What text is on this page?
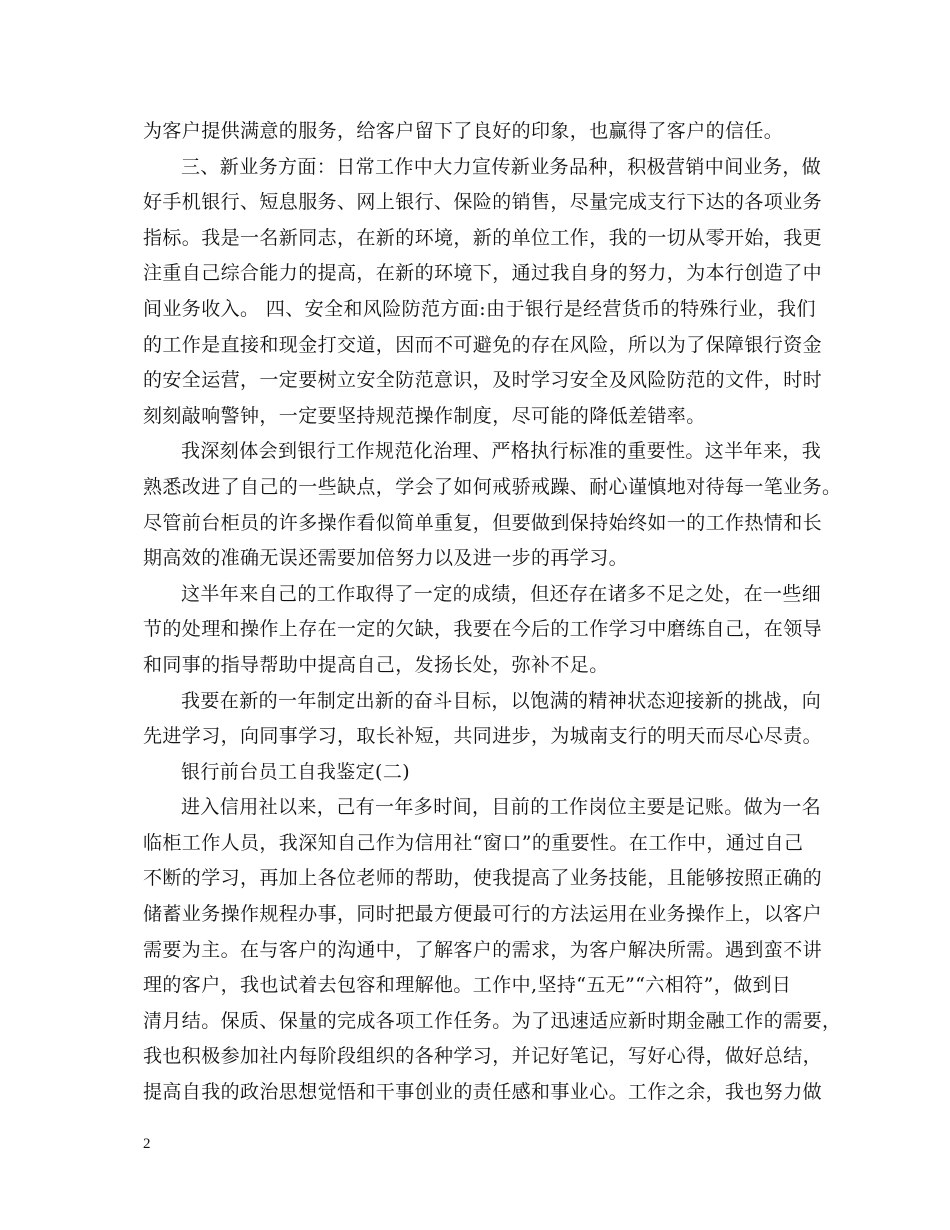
为客户提供满意的服务，给客户留下了良好的印象，也赢得了客户的信任。
三、新业务方面：日常工作中大力宣传新业务品种，积极营销中间业务，做
好手机银行、短息服务、网上银行、保险的销售，尽量完成支行下达的各项业务
指标。我是一名新同志，在新的环境，新的单位工作，我的一切从零开始，我更
注重自己综合能力的提高，在新的环境下，通过我自身的努力，为本行创造了中
间业务收入。 四、安全和风险防范方面:由于银行是经营货币的特殊行业，我们
的工作是直接和现金打交道，因而不可避免的存在风险，所以为了保障银行资金
的安全运营，一定要树立安全防范意识，及时学习安全及风险防范的文件，时时
刻刻敲响警钟，一定要坚持规范操作制度，尽可能的降低差错率。
我深刻体会到银行工作规范化治理、严格执行标准的重要性。这半年来，我
熟悉改进了自己的一些缺点，学会了如何戒骄戒躁、耐心谨慎地对待每一笔业务。
尽管前台柜员的许多操作看似简单重复，但要做到保持始终如一的工作热情和长
期高效的准确无误还需要加倍努力以及进一步的再学习。
这半年来自己的工作取得了一定的成绩，但还存在诸多不足之处，在一些细
节的处理和操作上存在一定的欠缺，我要在今后的工作学习中磨练自己，在领导
和同事的指导帮助中提高自己，发扬长处，弥补不足。
我要在新的一年制定出新的奋斗目标，以饱满的精神状态迎接新的挑战，向
先进学习，向同事学习，取长补短，共同进步，为城南支行的明天而尽心尽责。
银行前台员工自我鉴定(二)
进入信用社以来，己有一年多时间，目前的工作岗位主要是记账。做为一名
临柜工作人员，我深知自己作为信用社“窗口”的重要性。在工作中，通过自己
不断的学习，再加上各位老师的帮助，使我提高了业务技能，且能够按照正确的
储蓄业务操作规程办事，同时把最方便最可行的方法运用在业务操作上，以客户
需要为主。在与客户的沟通中，了解客户的需求，为客户解决所需。遇到蛮不讲
理的客户，我也试着去包容和理解他。工作中,坚持“五无”“六相符”，做到日
清月结。保质、保量的完成各项工作任务。为了迅速适应新时期金融工作的需要，
我也积极参加社内每阶段组织的各种学习，并记好笔记，写好心得，做好总结，
提高自我的政治思想觉悟和干事创业的责任感和事业心。工作之余，我也努力做
2
